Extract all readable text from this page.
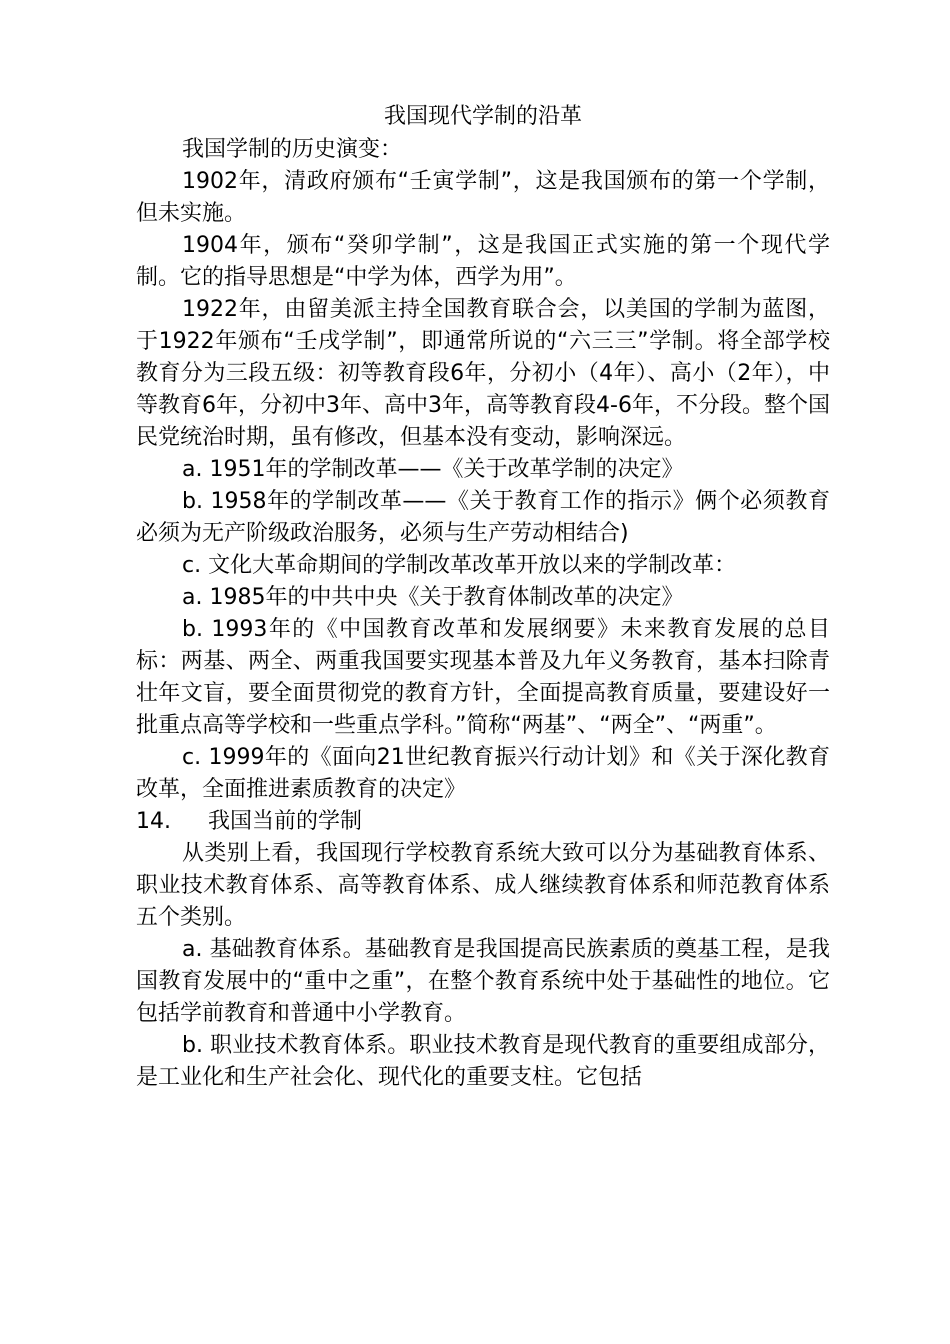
我国现代学制的沿革

我国学制的历史演变：

1902年，清政府颁布“壬寅学制”，这是我国颁布的第一个学制，但未实施。

1904年，颁布“癸卯学制”，这是我国正式实施的第一个现代学制。它的指导思想是“中学为体，西学为用”。

1922年，由留美派主持全国教育联合会，以美国的学制为蓝图，于1922年颁布“壬戌学制”，即通常所说的“六三三”学制。将全部学校教育分为三段五级：初等教育段6年，分初小（4年）、高小（2年），中等教育6年，分初中3年、高中3年，高等教育段4-6年，不分段。整个国民党统治时期，虽有修改，但基本没有变动，影响深远。

a. 1951年的学制改革——《关于改革学制的决定》

b. 1958年的学制改革——《关于教育工作的指示》俩个必须教育必须为无产阶级政治服务，必须与生产劳动相结合)

c. 文化大革命期间的学制改革改革开放以来的学制改革：

a. 1985年的中共中央《关于教育体制改革的决定》

b. 1993年的《中国教育改革和发展纲要》未来教育发展的总目标：两基、两全、两重我国要实现基本普及九年义务教育，基本扫除青壮年文盲，要全面贯彻党的教育方针，全面提高教育质量，要建设好一批重点高等学校和一些重点学科。”简称“两基”、“两全”、“两重”。

c. 1999年的《面向21世纪教育振兴行动计划》和《关于深化教育改革，全面推进素质教育的决定》

14.	我国当前的学制

从类别上看，我国现行学校教育系统大致可以分为基础教育体系、职业技术教育体系、高等教育体系、成人继续教育体系和师范教育体系五个类别。

a. 基础教育体系。基础教育是我国提高民族素质的奠基工程，是我国教育发展中的“重中之重”，在整个教育系统中处于基础性的地位。它包括学前教育和普通中小学教育。

b. 职业技术教育体系。职业技术教育是现代教育的重要组成部分，是工业化和生产社会化、现代化的重要支柱。它包括
